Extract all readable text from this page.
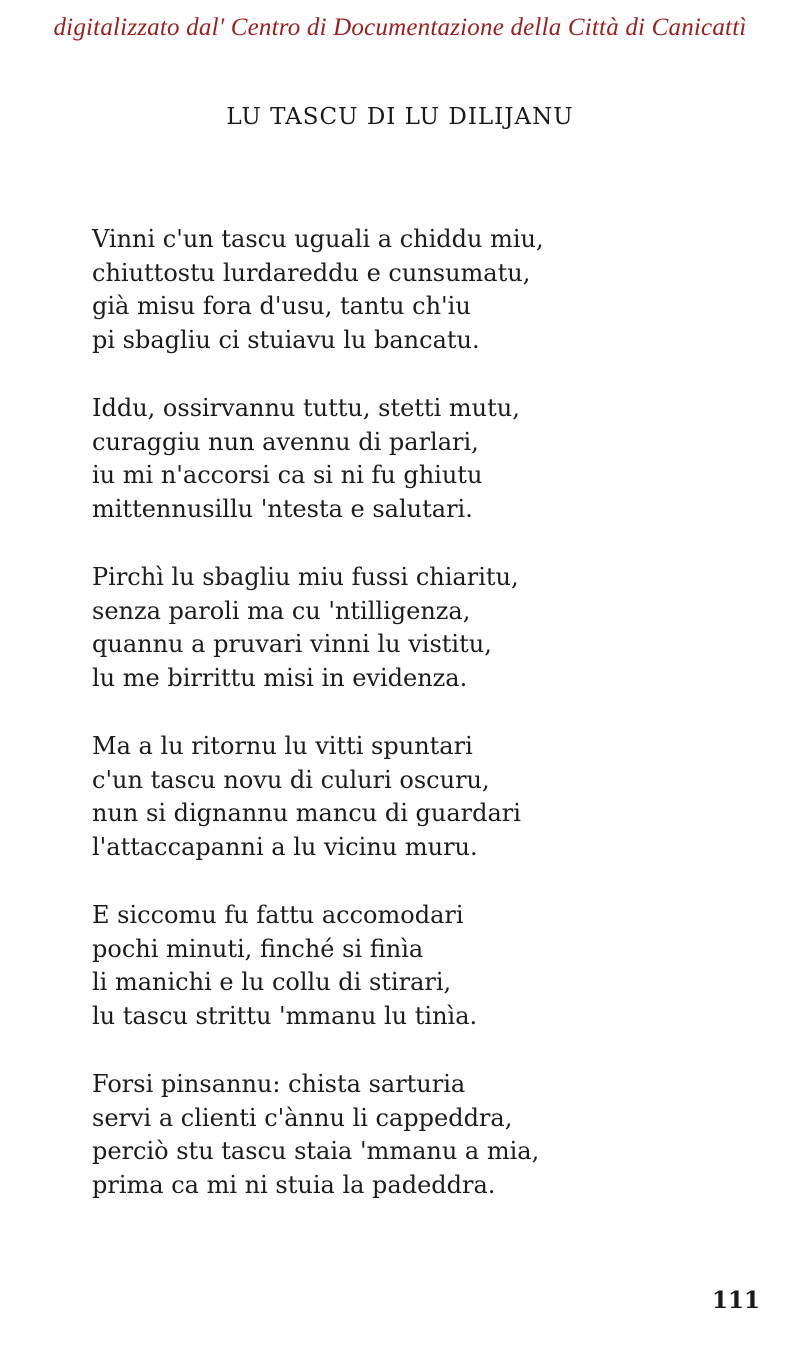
digitalizzato dal' Centro di Documentazione della Città di Canicattì
LU TASCU DI LU DILIJANU
Vinni c'un tascu uguali a chiddu miu,
chiuttostu lurdareddu e cunsumatu,
già misu fora d'usu, tantu ch'iu
pi sbagliu ci stuiavu lu bancatu.
Iddu, ossirvannu tuttu, stetti mutu,
curaggiu nun avennu di parlari,
iu mi n'accorsi ca si ni fu ghiutu
mittennusillu 'ntesta e salutari.
Pirchì lu sbagliu miu fussi chiaritu,
senza paroli ma cu 'ntilligenza,
quannu a pruvari vinni lu vistitu,
lu me birrittu misi in evidenza.
Ma a lu ritornu lu vitti spuntari
c'un tascu novu di culuri oscuru,
nun si dignannu mancu di guardari
l'attaccapanni a lu vicinu muru.
E siccomu fu fattu accomodari
pochi minuti, finché si finìa
li manichi e lu collu di stirari,
lu tascu strittu 'mmanu lu tinìa.
Forsi pinsannu: chista sarturia
servi a clienti c'ànnu li cappeddra,
perciò stu tascu staia 'mmanu a mia,
prima ca mi ni stuia la padeddra.
111
